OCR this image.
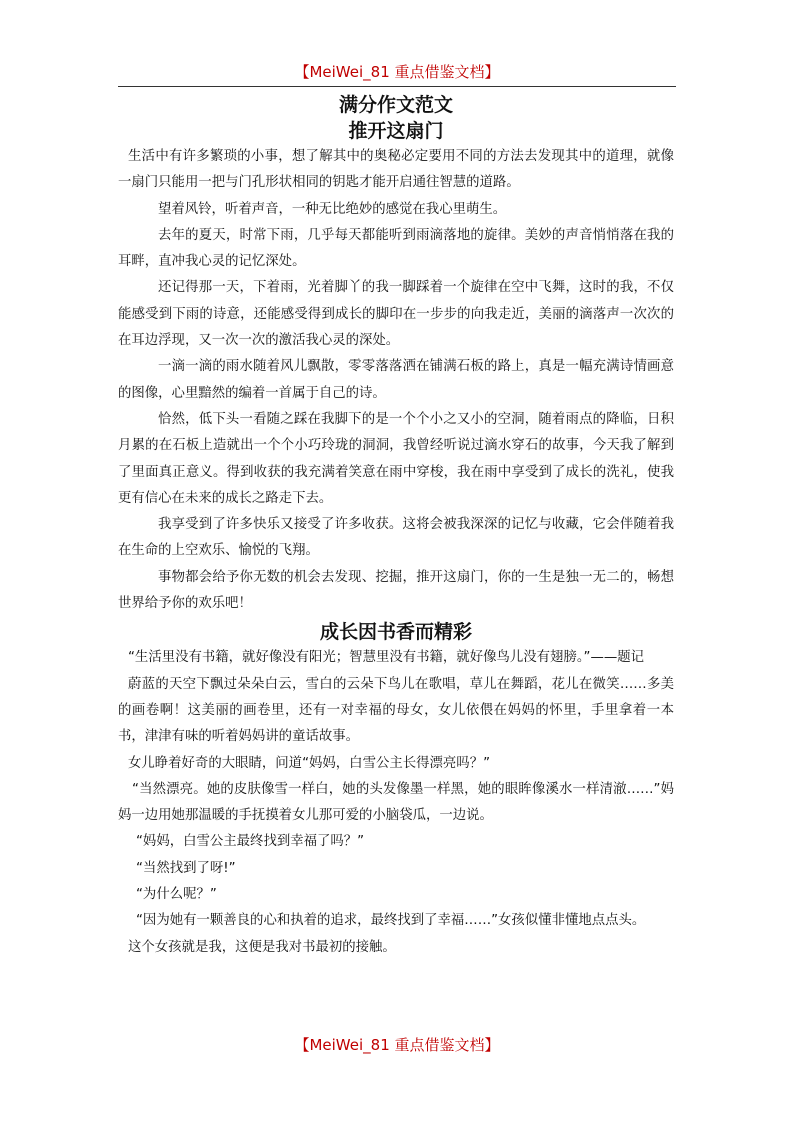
【MeiWei_81 重点借鉴文档】
满分作文范文
推开这扇门

生活中有许多繁琐的小事，想了解其中的奥秘必定要用不同的方法去发现其中的道理，就像一扇门只能用一把与门孔形状相同的钥匙才能开启通往智慧的道路。

望着风铃，听着声音，一种无比绝妙的感觉在我心里萌生。

去年的夏天，时常下雨，几乎每天都能听到雨滴落地的旋律。美妙的声音悄悄落在我的耳畔，直冲我心灵的记忆深处。

还记得那一天，下着雨，光着脚丫的我一脚踩着一个旋律在空中飞舞，这时的我，不仅能感受到下雨的诗意，还能感受得到成长的脚印在一步步的向我走近，美丽的滴落声一次次的在耳边浮现，又一次一次的激活我心灵的深处。

一滴一滴的雨水随着风儿飘散，零零落落洒在铺满石板的路上，真是一幅充满诗情画意的图像，心里黯然的编着一首属于自己的诗。

恰然，低下头一看随之踩在我脚下的是一个个小之又小的空洞，随着雨点的降临，日积月累的在石板上造就出一个个小巧玲珑的洞洞，我曾经听说过滴水穿石的故事，今天我了解到了里面真正意义。得到收获的我充满着笑意在雨中穿梭，我在雨中享受到了成长的洗礼，使我更有信心在未来的成长之路走下去。

我享受到了许多快乐又接受了许多收获。这将会被我深深的记忆与收藏，它会伴随着我在生命的上空欢乐、愉悦的飞翔。

事物都会给予你无数的机会去发现、挖掘，推开这扇门，你的一生是独一无二的，畅想世界给予你的欢乐吧！

成长因书香而精彩

“生活里没有书籍，就好像没有阳光；智慧里没有书籍，就好像鸟儿没有翅膀。”——题记

蔚蓝的天空下飘过朵朵白云，雪白的云朵下鸟儿在歌唱，草儿在舞蹈，花儿在微笑……多美的画卷啊！这美丽的画卷里，还有一对幸福的母女，女儿依偎在妈妈的怀里，手里拿着一本书，津津有味的听着妈妈讲的童话故事。

女儿睁着好奇的大眼睛，问道“妈妈，白雪公主长得漂亮吗？”

“当然漂亮。她的皮肤像雪一样白，她的头发像墨一样黑，她的眼眸像溪水一样清澈……”妈妈一边用她那温暖的手抚摸着女儿那可爱的小脑袋瓜，一边说。

“妈妈，白雪公主最终找到幸福了吗？”

“当然找到了呀!”

“为什么呢？”

“因为她有一颗善良的心和执着的追求，最终找到了幸福……”女孩似懂非懂地点点头。

这个女孩就是我，这便是我对书最初的接触。

【MeiWei_81 重点借鉴文档】
